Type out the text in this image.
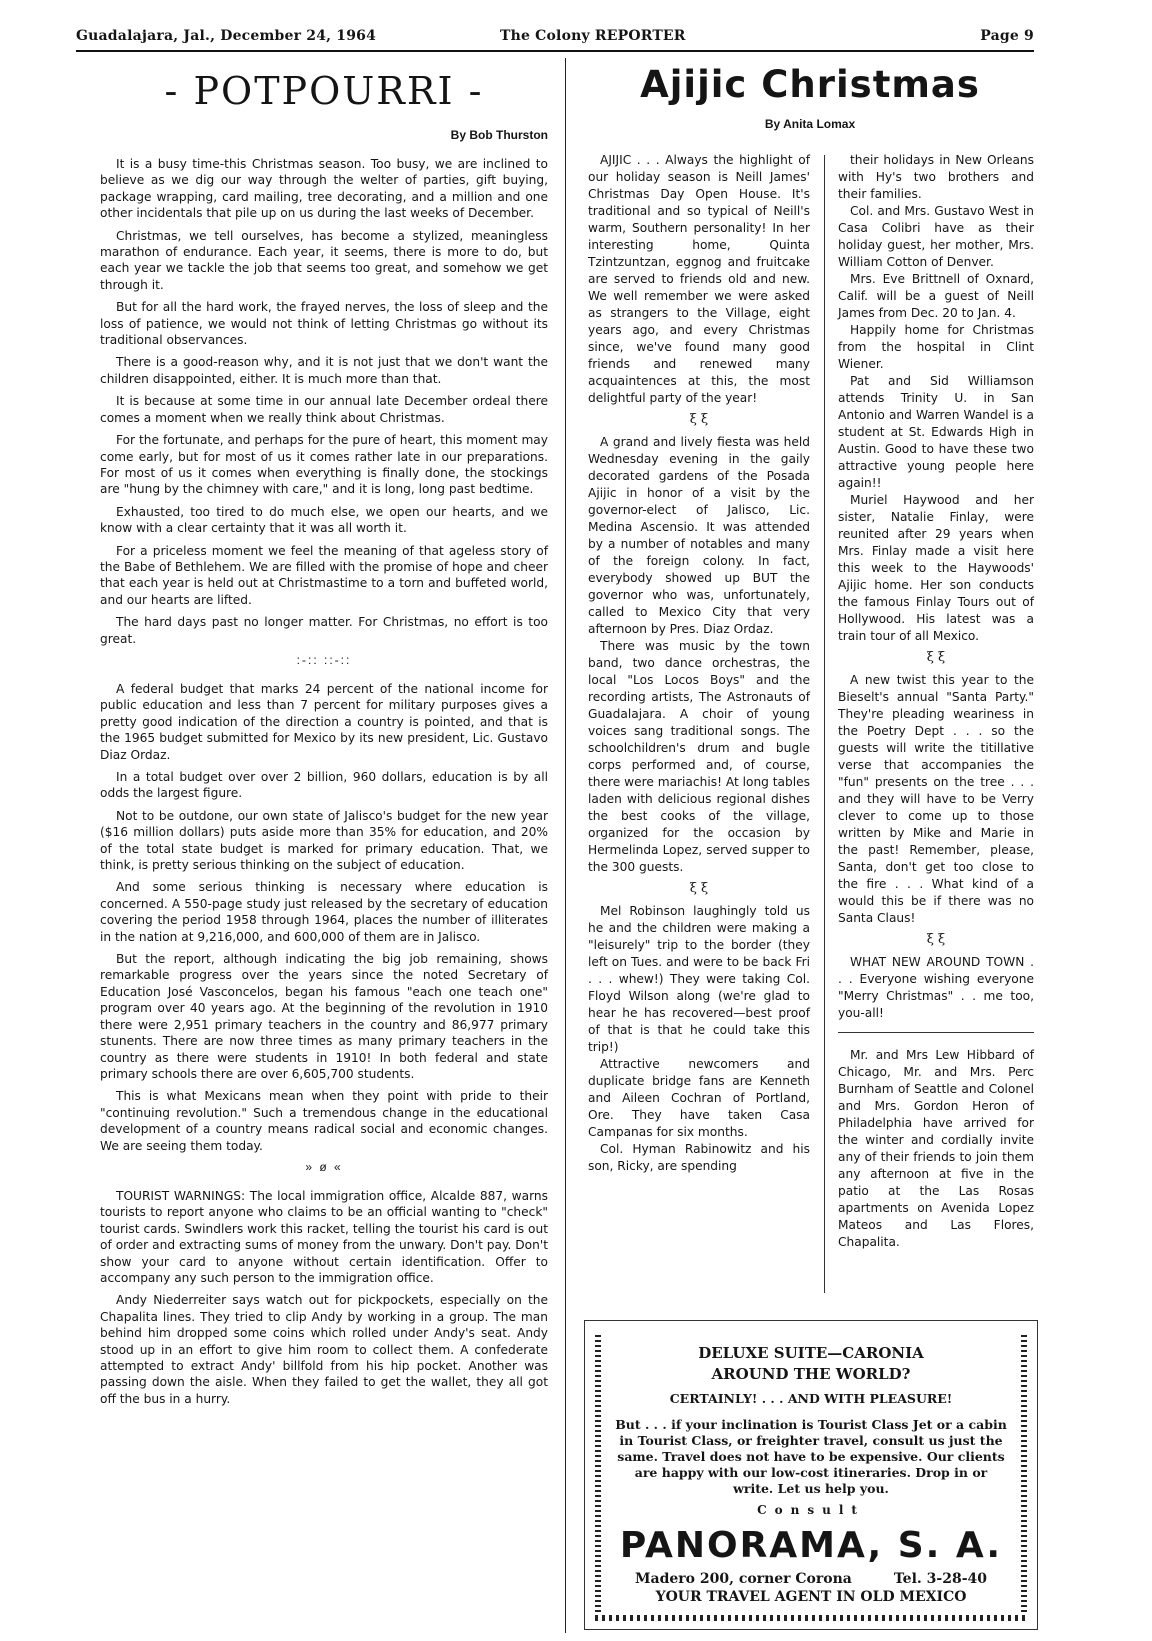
Guadalajara, Jal., December 24, 1964	The Colony REPORTER	Page 9
- POTPOURRI -
By Bob Thurston

It is a busy time-this Christmas season. Too busy, we are inclined to believe as we dig our way through the welter of parties, gift buying, package wrapping, card mailing, tree decorating, and a million and one other incidentals that pile up on us during the last weeks of December.

Christmas, we tell ourselves, has become a stylized, meaningless marathon of endurance. Each year, it seems, there is more to do, but each year we tackle the job that seems too great, and somehow we get through it.

But for all the hard work, the frayed nerves, the loss of sleep and the loss of patience, we would not think of letting Christmas go without its traditional observances.

There is a good-reason why, and it is not just that we don't want the children disappointed, either. It is much more than that.

It is because at some time in our annual late December ordeal there comes a moment when we really think about Christmas.

For the fortunate, and perhaps for the pure of heart, this moment may come early, but for most of us it comes rather late in our preparations. For most of us it comes when everything is finally done, the stockings are "hung by the chimney with care," and it is long, long past bedtime.

Exhausted, too tired to do much else, we open our hearts, and we know with a clear certainty that it was all worth it.

For a priceless moment we feel the meaning of that ageless story of the Babe of Bethlehem. We are filled with the promise of hope and cheer that each year is held out at Christmastime to a torn and buffeted world, and our hearts are lifted.

The hard days past no longer matter. For Christmas, no effort is too great.

:-:: ::-::

A federal budget that marks 24 percent of the national income for public education and less than 7 percent for military purposes gives a pretty good indication of the direction a country is pointed, and that is the 1965 budget submitted for Mexico by its new president, Lic. Gustavo Diaz Ordaz.

In a total budget over over 2 billion, 960 dollars, education is by all odds the largest figure.

Not to be outdone, our own state of Jalisco's budget for the new year ($16 million dollars) puts aside more than 35% for education, and 20% of the total state budget is marked for primary education. That, we think, is pretty serious thinking on the subject of education.

And some serious thinking is necessary where education is concerned. A 550-page study just released by the secretary of education covering the period 1958 through 1964, places the number of illiterates in the nation at 9,216,000, and 600,000 of them are in Jalisco.

But the report, although indicating the big job remaining, shows remarkable progress over the years since the noted Secretary of Education José Vasconcelos, began his famous "each one teach one" program over 40 years ago. At the beginning of the revolution in 1910 there were 2,951 primary teachers in the country and 86,977 primary stunents. There are now three times as many primary teachers in the country as there were students in 1910! In both federal and state primary schools there are over 6,605,700 students.

This is what Mexicans mean when they point with pride to their "continuing revolution." Such a tremendous change in the educational development of a country means radical social and economic changes. We are seeing them today.

» ø «

TOURIST WARNINGS: The local immigration office, Alcalde 887, warns tourists to report anyone who claims to be an official wanting to "check" tourist cards. Swindlers work this racket, telling the tourist his card is out of order and extracting sums of money from the unwary. Don't pay. Don't show your card to anyone without certain identification. Offer to accompany any such person to the immigration office.

Andy Niederreiter says watch out for pickpockets, especially on the Chapalita lines. They tried to clip Andy by working in a group. The man behind him dropped some coins which rolled under Andy's seat. Andy stood up in an effort to give him room to collect them. A confederate attempted to extract Andy' billfold from his hip pocket. Another was passing down the aisle. When they failed to get the wallet, they all got off the bus in a hurry.

Ajijic Christmas
By Anita Lomax

AJIJIC . . . Always the highlight of our holiday season is Neill James' Christmas Day Open House. It's traditional and so typical of Neill's warm, Southern personality! In her interesting home, Quinta Tzintzuntzan, eggnog and fruitcake are served to friends old and new. We well remember we were asked as strangers to the Village, eight years ago, and every Christmas since, we've found many good friends and renewed many acquaintences at this, the most delightful party of the year!

ξ ξ

A grand and lively fiesta was held Wednesday evening in the gaily decorated gardens of the Posada Ajijic in honor of a visit by the governor-elect of Jalisco, Lic. Medina Ascensio. It was attended by a number of notables and many of the foreign colony. In fact, everybody showed up BUT the governor who was, unfortunately, called to Mexico City that very afternoon by Pres. Diaz Ordaz.

There was music by the town band, two dance orchestras, the local "Los Locos Boys" and the recording artists, The Astronauts of Guadalajara. A choir of young voices sang traditional songs. The schoolchildren's drum and bugle corps performed and, of course, there were mariachis! At long tables laden with delicious regional dishes the best cooks of the village, organized for the occasion by Hermelinda Lopez, served supper to the 300 guests.

ξ ξ

Mel Robinson laughingly told us he and the children were making a "leisurely" trip to the border (they left on Tues. and were to be back Fri . . . whew!) They were taking Col. Floyd Wilson along (we're glad to hear he has recovered—best proof of that is that he could take this trip!)

Attractive newcomers and duplicate bridge fans are Kenneth and Aileen Cochran of Portland, Ore. They have taken Casa Campanas for six months.

Col. Hyman Rabinowitz and his son, Ricky, are spending

their holidays in New Orleans with Hy's two brothers and their families.

Col. and Mrs. Gustavo West in Casa Colibri have as their holiday guest, her mother, Mrs. William Cotton of Denver.

Mrs. Eve Brittnell of Oxnard, Calif. will be a guest of Neill James from Dec. 20 to Jan. 4.

Happily home for Christmas from the hospital in Clint Wiener.

Pat and Sid Williamson attends Trinity U. in San Antonio and Warren Wandel is a student at St. Edwards High in Austin. Good to have these two attractive young people here again!!

Muriel Haywood and her sister, Natalie Finlay, were reunited after 29 years when Mrs. Finlay made a visit here this week to the Haywoods' Ajijic home. Her son conducts the famous Finlay Tours out of Hollywood. His latest was a train tour of all Mexico.

ξ ξ

A new twist this year to the Bieselt's annual "Santa Party." They're pleading weariness in the Poetry Dept . . . so the guests will write the titillative verse that accompanies the "fun" presents on the tree . . . and they will have to be Verry clever to come up to those written by Mike and Marie in the past! Remember, please, Santa, don't get too close to the fire . . . What kind of a would this be if there was no Santa Claus!

ξ ξ

WHAT NEW AROUND TOWN . . . Everyone wishing everyone "Merry Christmas" . . me too, you-all!

Mr. and Mrs Lew Hibbard of Chicago, Mr. and Mrs. Perc Burnham of Seattle and Colonel and Mrs. Gordon Heron of Philadelphia have arrived for the winter and cordially invite any of their friends to join them any afternoon at five in the patio at the Las Rosas apartments on Avenida Lopez Mateos and Las Flores, Chapalita.

DELUXE SUITE—CARONIA
AROUND THE WORLD?
CERTAINLY! . . . AND WITH PLEASURE!
But . . . if your inclination is Tourist Class Jet or a cabin in Tourist Class, or freighter travel, consult us just the same. Travel does not have to be expensive. Our clients are happy with our low-cost itineraries. Drop in or write. Let us help you.
Consult
PANORAMA, S. A.
Madero 200, corner Corona	Tel. 3-28-40
YOUR TRAVEL AGENT IN OLD MEXICO
